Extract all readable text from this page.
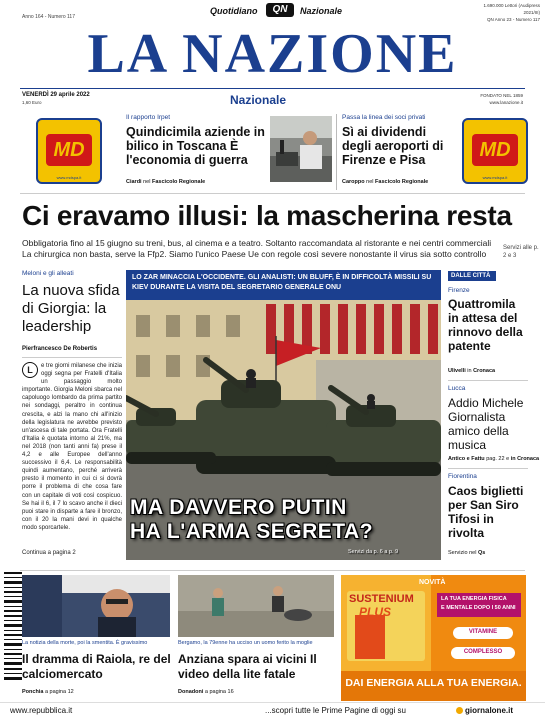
Anno 164 - Numero 117
Quotidiano	QN	Nazionale
1.690.000 Lettori (Audipress 2021/III)
QN Anno 23 - Numero 117
LA NAZIONE
VENERDÌ 29 aprile 2022
1,60 Euro	Nazionale	FONDATO NEL 1859
www.lanazione.it
MD
www.mdspa.it
MD
www.mdspa.it
Il rapporto Irpet
Quindicimila aziende in bilico in Toscana È l'economia di guerra
Ciardi nel Fascicolo Regionale
Passa la linea dei soci privati
Sì ai dividendi degli aeroporti di Firenze e Pisa
Caroppo nel Fascicolo Regionale
Ci eravamo illusi: la mascherina resta
Obbligatoria fino al 15 giugno su treni, bus, al cinema e a teatro. Soltanto raccomandata al ristorante e nei centri commerciali La chirurgica non basta, serve la Ffp2. Siamo l'unico Paese Ue con regole così severe nonostante il virus sia sotto controllo
Servizi alle p. 2 e 3
Meloni e gli alleati
La nuova sfida di Giorgia: la leadership
Pierfrancesco De Robertis
L	e tre giorni milanese che inizia oggi segna per Fratelli d'Italia un passaggio molto importante. Giorgia Meloni sbarca nel capoluogo lombardo da prima partito nei sondaggi, peraltro in continua crescita, e alzi la mano chi all'inizio della legislatura ne avrebbe previsto un'ascesa di tale portata. Ora Fratelli d'Italia è quotata intorno al 21%, ma nel 2018 (non tanti anni fa) prese il 4,2 e alle Europee dell'anno successivo il 6,4. Le responsabilità quindi aumentano, perché arriverà presto il momento in cui ci si dovrà porre il problema di che cosa fare con un capitale di voti così cospicuo. Se hai il 6, il 7 lo scavo anche il dieci puoi stare in disparte a fare il bronzo, con il 20 la mani devi in qualche modo sporcartele.
Continua a pagina 2
LO ZAR MINACCIA L'OCCIDENTE. GLI ANALISTI: UN BLUFF, È IN DIFFICOLTÀ MISSILI SU KIEV DURANTE LA VISITA DEL SEGRETARIO GENERALE ONU
MA DAVVERO PUTIN
HA L'ARMA SEGRETA?
Servizi da p. 6 a p. 9
DALLE CITTÀ
Firenze
Quattromila in attesa del rinnovo della patente
Ulivelli in Cronaca
Lucca
Addio Michele Giornalista amico della musica
Antico e Fattu pag. 22 e in Cronaca
Fiorentina
Caos biglietti per San Siro Tifosi in rivolta
Servizio nel Qs
La notizia della morte, poi la smentita. È gravissimo
Il dramma di Raiola, re del calciomercato
Ponchia a pagina 12
Bergamo, la 79enne ha ucciso un uomo ferito la moglie
Anziana spara ai vicini Il video della lite fatale
Donadoni a pagina 16
SUSTENIUM
PLUS
NOVITÀ
LA TUA ENERGIA FISICA
E MENTALE DOPO I 50 ANNI
VITAMINE
COMPLESSO
DAI ENERGIA ALLA TUA ENERGIA.
www.repubblica.it	...scopri tutte le Prime Pagine di oggi su	giornalone.it
